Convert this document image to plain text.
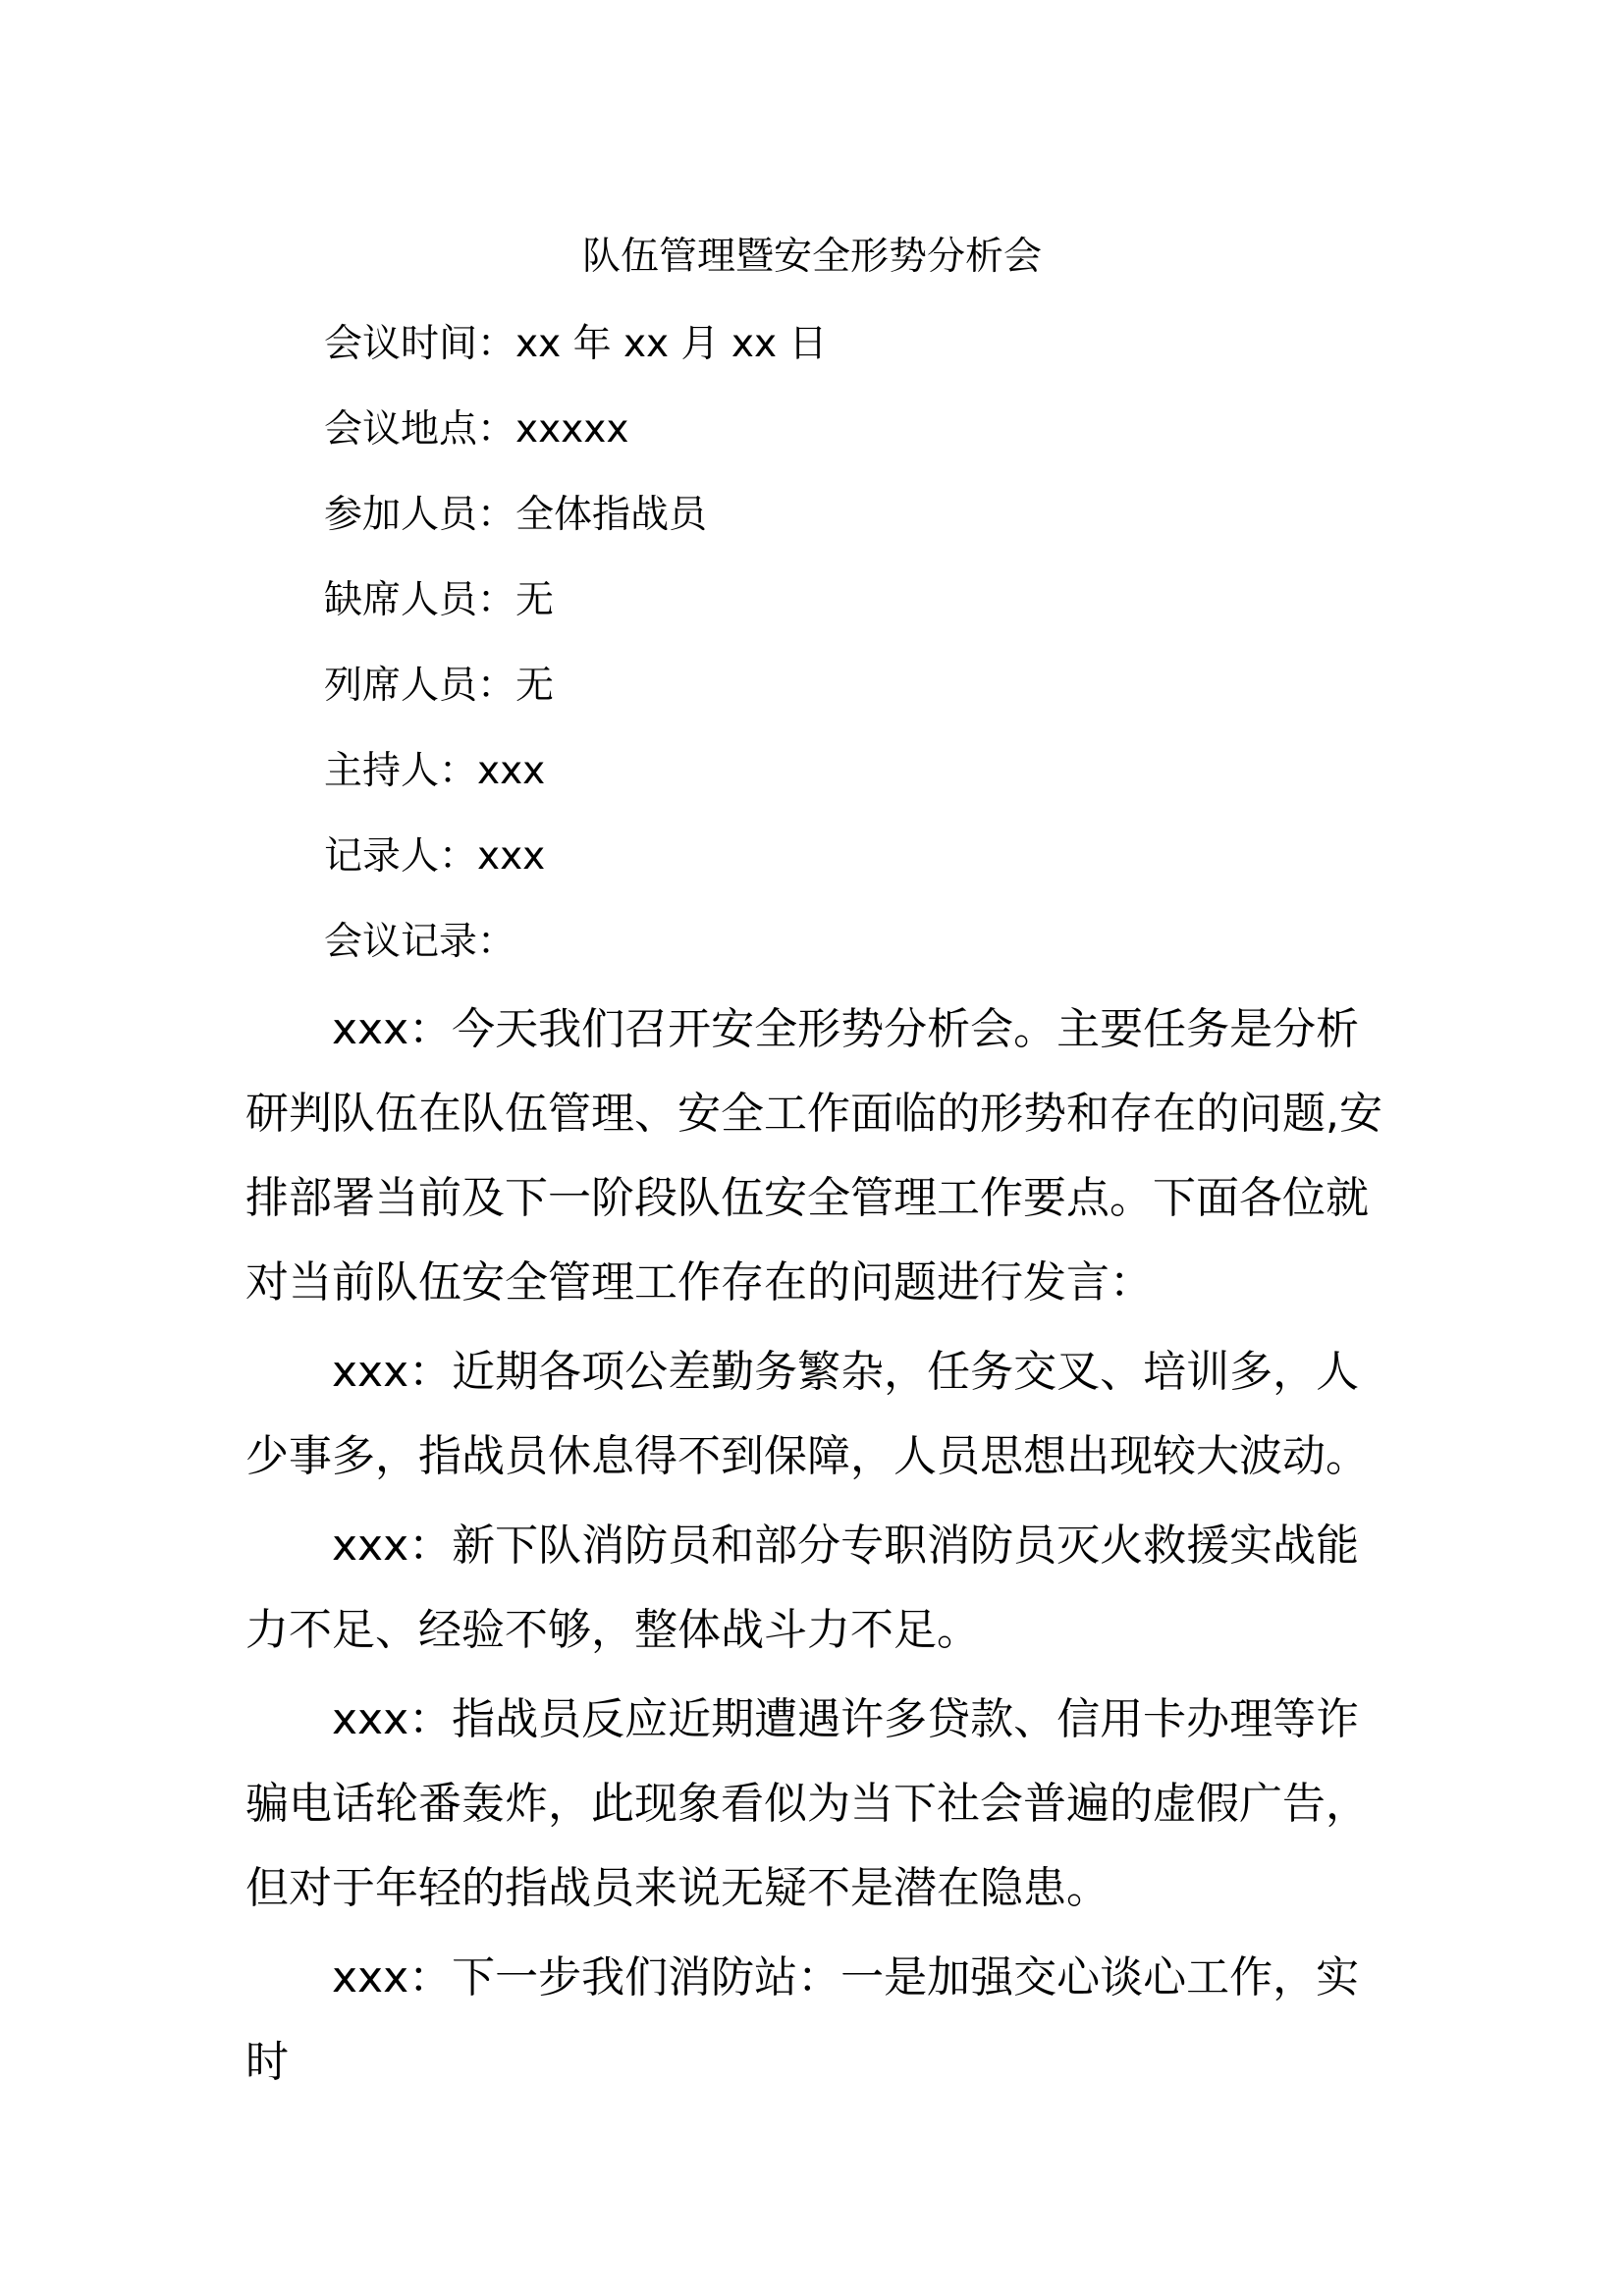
队伍管理暨安全形势分析会
会议时间：xx 年 xx 月 xx 日
会议地点：xxxxx
参加人员：全体指战员
缺席人员：无
列席人员：无
主持人：xxx
记录人：xxx
会议记录：

xxx：今天我们召开安全形势分析会。主要任务是分析研判队伍在队伍管理、安全工作面临的形势和存在的问题,安排部署当前及下一阶段队伍安全管理工作要点。下面各位就对当前队伍安全管理工作存在的问题进行发言：

xxx：近期各项公差勤务繁杂，任务交叉、培训多，人少事多，指战员休息得不到保障，人员思想出现较大波动。

xxx：新下队消防员和部分专职消防员灭火救援实战能力不足、经验不够，整体战斗力不足。

xxx：指战员反应近期遭遇许多贷款、信用卡办理等诈骗电话轮番轰炸，此现象看似为当下社会普遍的虚假广告，但对于年轻的指战员来说无疑不是潜在隐患。

xxx：下一步我们消防站：一是加强交心谈心工作，实时
